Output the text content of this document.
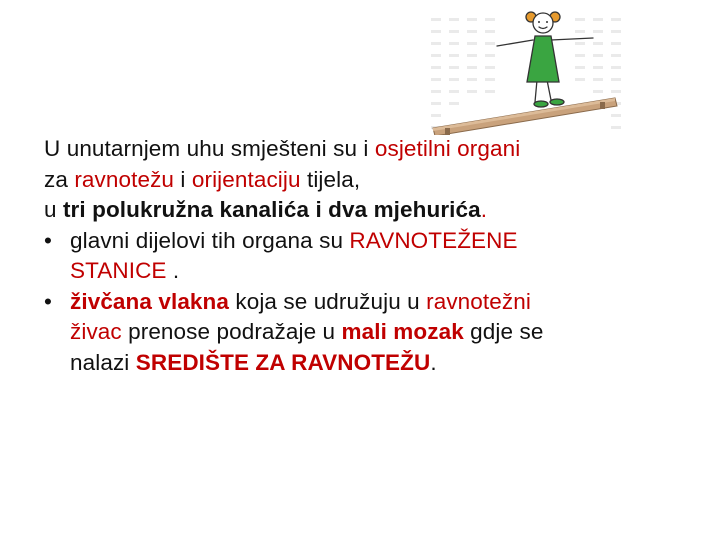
U unutarnjem uhu smješteni su i osjetilni organi
za ravnotežu i orijentaciju tijela,
u tri polukružna kanalića i dva mjehurića.
• glavni dijelovi tih organa su RAVNOTEŽENE
STANICE .
• živčana vlakna koja se udružuju u ravnotežni
živac prenose podražaje u mali mozak gdje se
nalazi SREDIŠTE ZA RAVNOTEŽU.
